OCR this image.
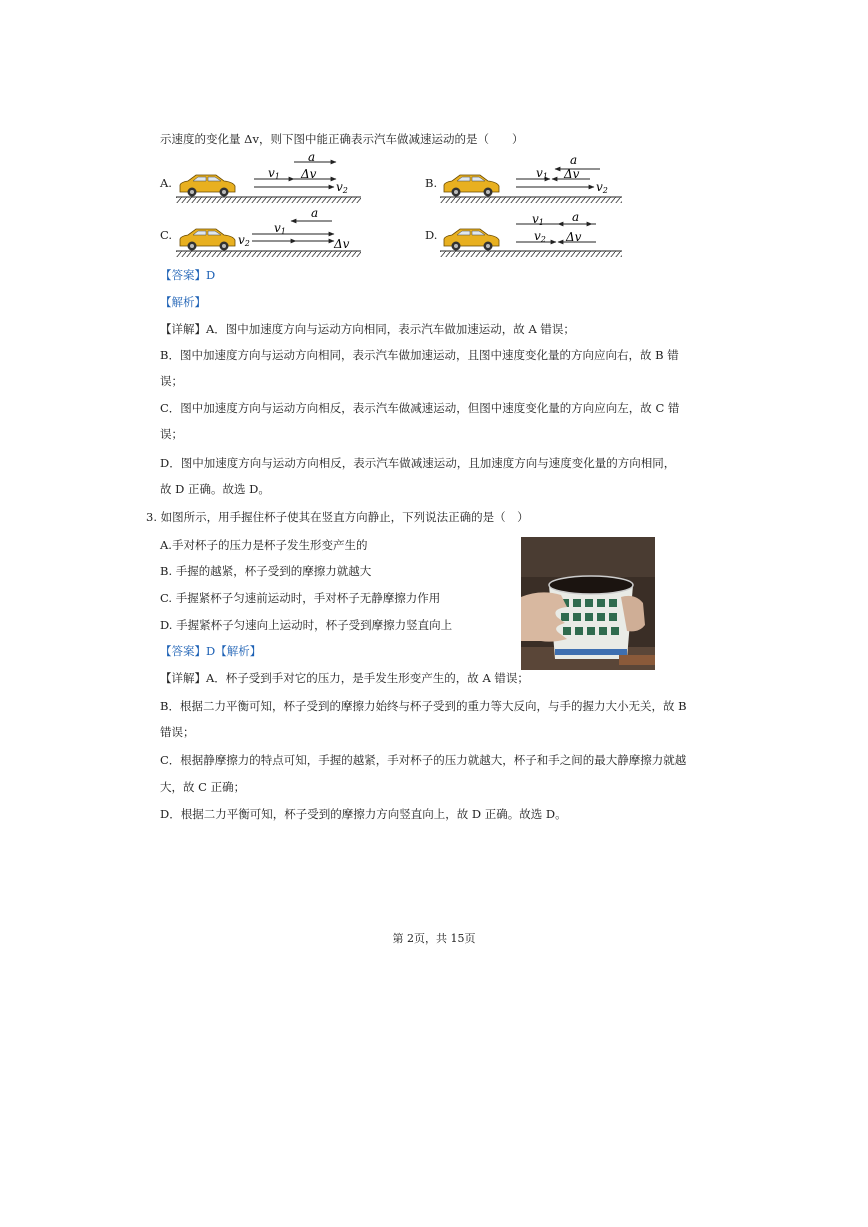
示速度的变化量 Δv，则下图中能正确表示汽车做减速运动的是（　　）
A.
a
v1 Δv
v2
B.
a
v1 Δv
v2
C.
a
v1
v2	Δv
D.
v1 a
v2 Δv
【答案】D
【解析】
【详解】A．图中加速度方向与运动方向相同，表示汽车做加速运动，故 A 错误；
B．图中加速度方向与运动方向相同，表示汽车做加速运动，且图中速度变化量的方向应向右，故 B 错
误；
C．图中加速度方向与运动方向相反，表示汽车做减速运动，但图中速度变化量的方向应向左，故 C 错
误；
D．图中加速度方向与运动方向相反，表示汽车做减速运动，且加速度方向与速度变化量的方向相同，
故 D 正确。故选 D。
3. 如图所示，用手握住杯子使其在竖直方向静止，下列说法正确的是（　）
A.手对杯子的压力是杯子发生形变产生的
B. 手握的越紧，杯子受到的摩擦力就越大
C. 手握紧杯子匀速前运动时，手对杯子无静摩擦力作用
D. 手握紧杯子匀速向上运动时，杯子受到摩擦力竖直向上
【答案】D【解析】
【详解】A．杯子受到手对它的压力，是手发生形变产生的，故 A 错误；
B．根据二力平衡可知，杯子受到的摩擦力始终与杯子受到的重力等大反向，与手的握力大小无关，故 B
错误；
C．根据静摩擦力的特点可知，手握的越紧，手对杯子的压力就越大，杯子和手之间的最大静摩擦力就越
大，故 C 正确；
D．根据二力平衡可知，杯子受到的摩擦力方向竖直向上，故 D 正确。故选 D。
第 2页，共 15页
